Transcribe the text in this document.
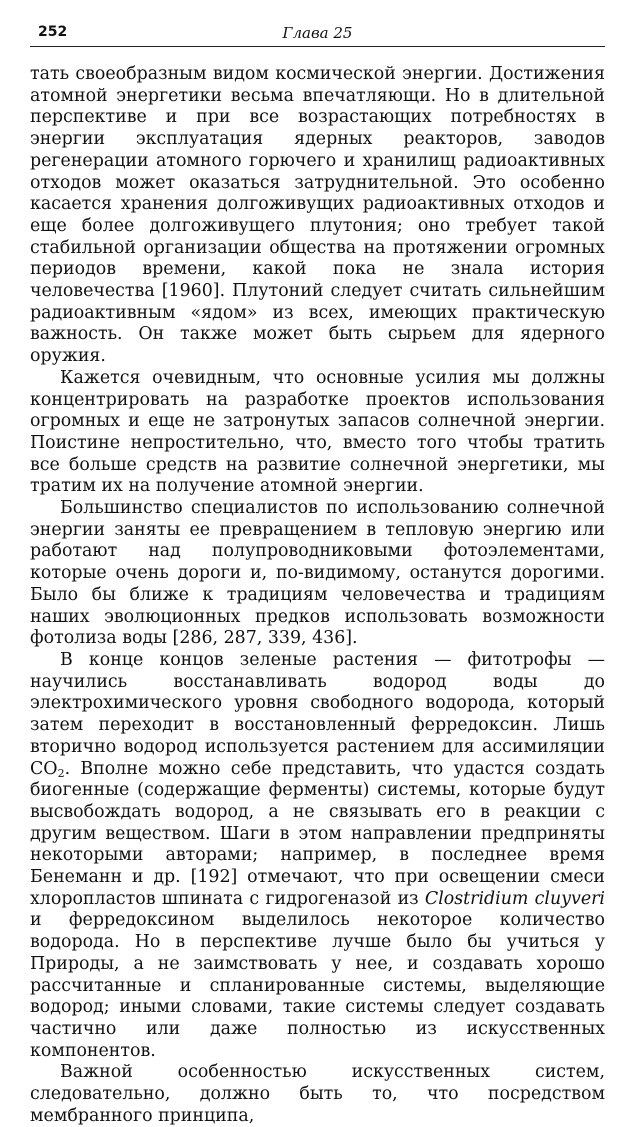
252	Глава 25

тать своеобразным видом космической энергии. Достижения атомной энергетики весьма впечатляющи. Но в длительной перспективе и при все возрастающих потребностях в энергии эксплуатация ядерных реакторов, заводов регенерации атомного горючего и хранилищ радиоактивных отходов может оказаться затруднительной. Это особенно касается хранения долгоживущих радиоактивных отходов и еще более долгоживущего плутония; оно требует такой стабильной организации общества на протяжении огромных периодов времени, какой пока не знала история человечества [1960]. Плутоний следует считать сильнейшим радиоактивным «ядом» из всех, имеющих практическую важность. Он также может быть сырьем для ядерного оружия.

Кажется очевидным, что основные усилия мы должны концентрировать на разработке проектов использования огромных и еще не затронутых запасов солнечной энергии. Поистине непростительно, что, вместо того чтобы тратить все больше средств на развитие солнечной энергетики, мы тратим их на получение атомной энергии.

Большинство специалистов по использованию солнечной энергии заняты ее превращением в тепловую энергию или работают над полупроводниковыми фотоэлементами, которые очень дороги и, по-видимому, останутся дорогими. Было бы ближе к традициям человечества и традициям наших эволюционных предков использовать возможности фотолиза воды [286, 287, 339, 436].

В конце концов зеленые растения — фитотрофы — научились восстанавливать водород воды до электрохимического уровня свободного водорода, который затем переходит в восстановленный ферредоксин. Лишь вторично водород используется растением для ассимиляции $CO_2$. Вполне можно себе представить, что удастся создать биогенные (содержащие ферменты) системы, которые будут высвобождать водород, а не связывать его в реакции с другим веществом. Шаги в этом направлении предприняты некоторыми авторами; например, в последнее время Бенеманн и др. [192] отмечают, что при освещении смеси хлоропластов шпината с гидрогеназой из Clostridium cluyveri и ферредоксином выделилось некоторое количество водорода. Но в перспективе лучше было бы учиться у Природы, а не заимствовать у нее, и создавать хорошо рассчитанные и спланированные системы, выделяющие водород; иными словами, такие системы следует создавать частично или даже полностью из искусственных компонентов.

Важной особенностью искусственных систем, следовательно, должно быть то, что посредством мембранного принципа,
